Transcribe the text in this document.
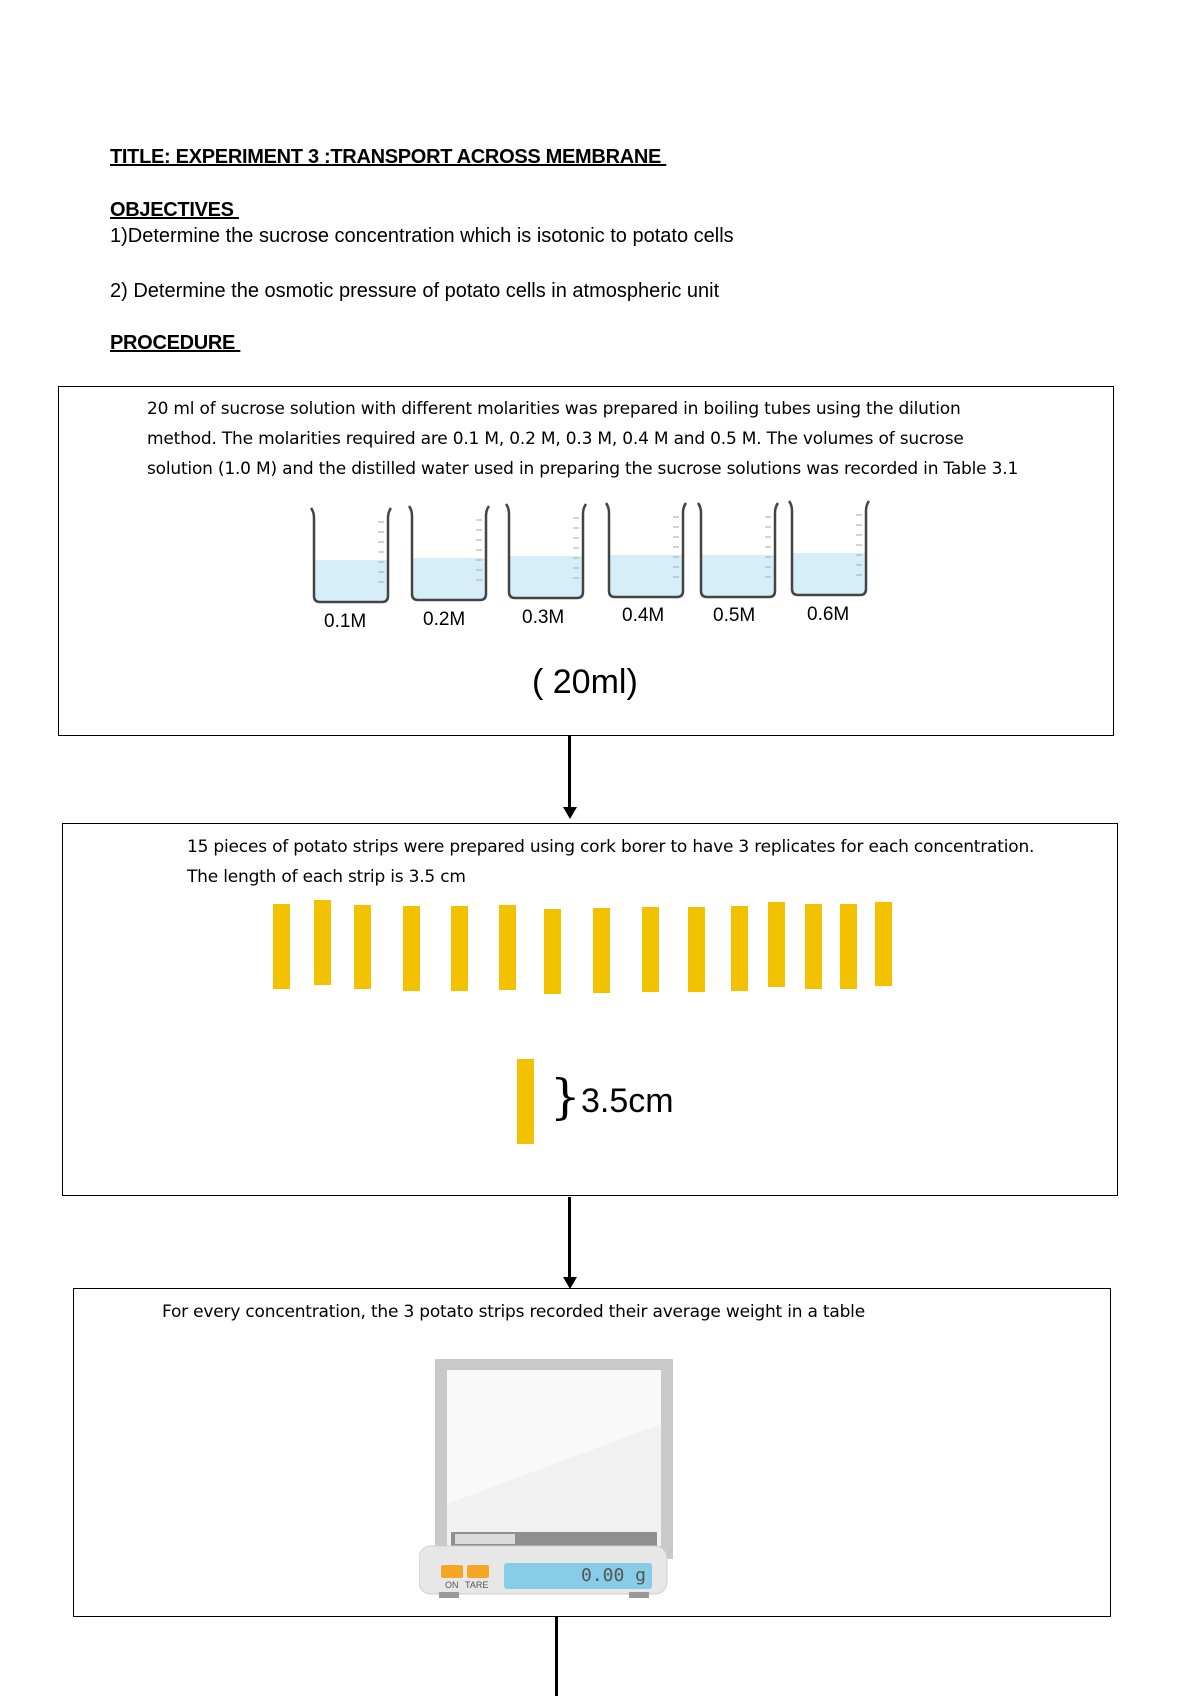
TITLE: EXPERIMENT 3 :TRANSPORT ACROSS MEMBRANE
OBJECTIVES
1)Determine the sucrose concentration which is isotonic to potato cells
2) Determine the osmotic pressure of potato cells in atmospheric unit
PROCEDURE
20 ml of sucrose solution with different molarities was prepared in boiling tubes using the dilution
method. The molarities required are 0.1 M, 0.2 M, 0.3 M, 0.4 M and 0.5 M. The volumes of sucrose
solution (1.0 M) and the distilled water used in preparing the sucrose solutions was recorded in Table 3.1
0.1M	0.2M	0.3M	0.4M	0.5M	0.6M
( 20ml)
15 pieces of potato strips were prepared using cork borer to have 3 replicates for each concentration.
The length of each strip is 3.5 cm
} 3.5cm
For every concentration, the 3 potato strips recorded their average weight in a table
ON TARE	0.00 g
